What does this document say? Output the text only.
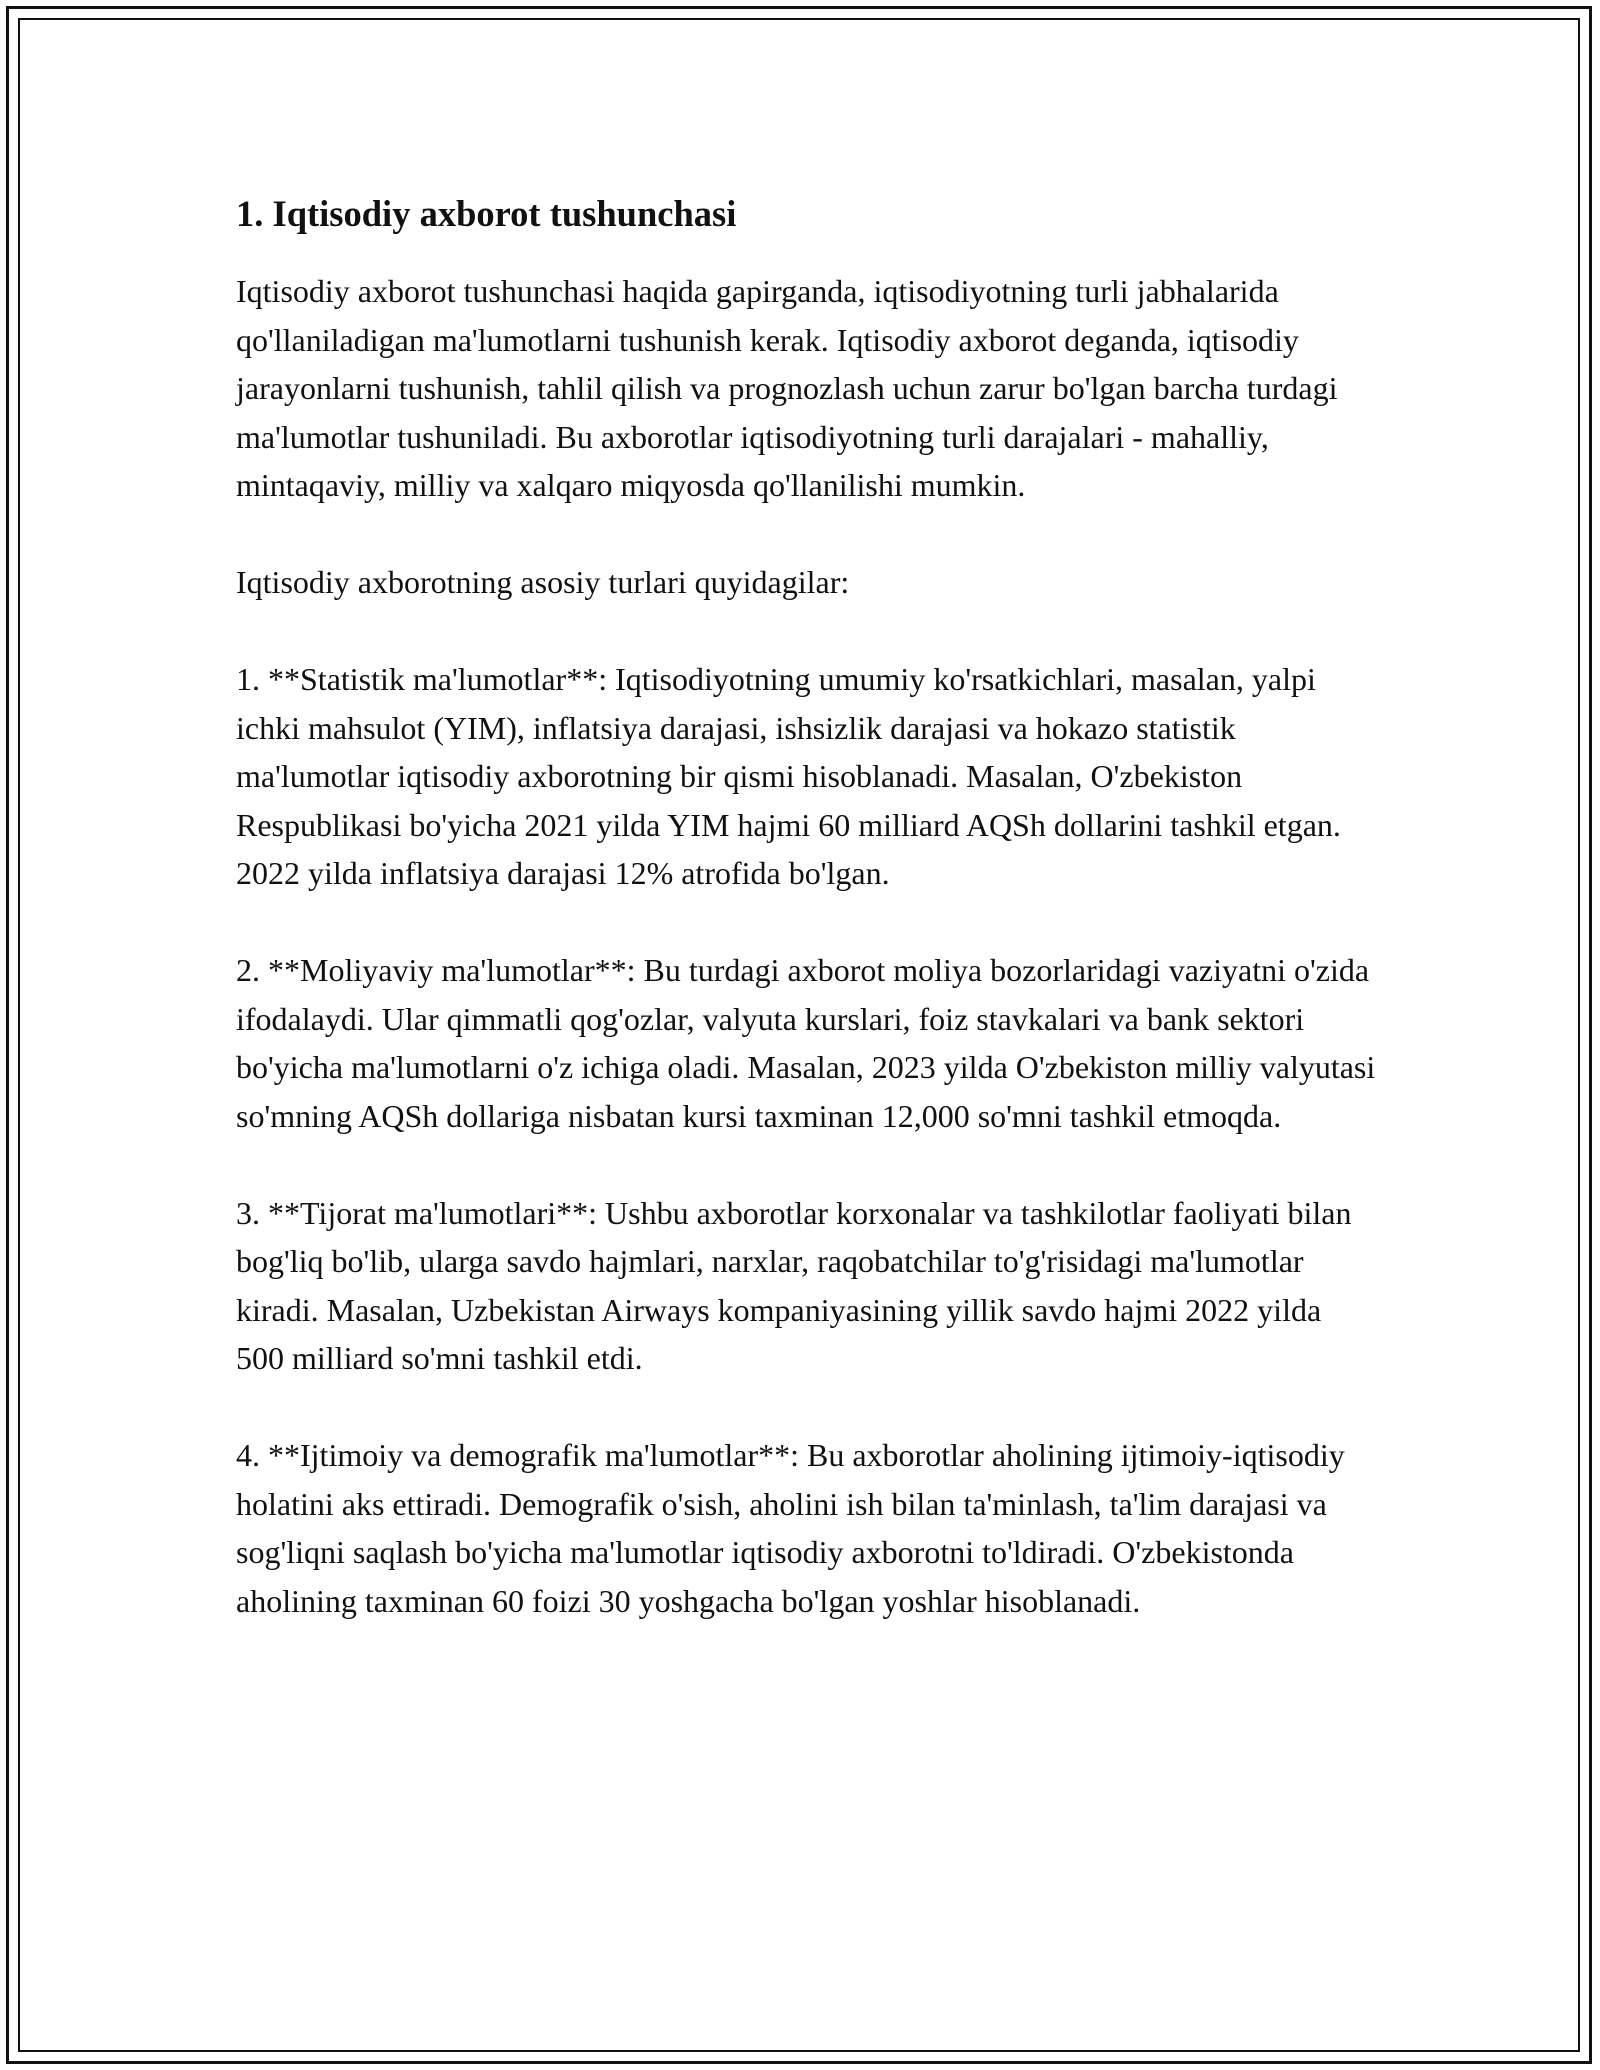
1. Iqtisodiy axborot tushunchasi

Iqtisodiy axborot tushunchasi haqida gapirganda, iqtisodiyotning turli jabhalarida qo'llaniladigan ma'lumotlarni tushunish kerak. Iqtisodiy axborot deganda, iqtisodiy jarayonlarni tushunish, tahlil qilish va prognozlash uchun zarur bo'lgan barcha turdagi ma'lumotlar tushuniladi. Bu axborotlar iqtisodiyotning turli darajalari - mahalliy, mintaqaviy, milliy va xalqaro miqyosda qo'llanilishi mumkin.

Iqtisodiy axborotning asosiy turlari quyidagilar:

1. **Statistik ma'lumotlar**: Iqtisodiyotning umumiy ko'rsatkichlari, masalan, yalpi ichki mahsulot (YIM), inflatsiya darajasi, ishsizlik darajasi va hokazo statistik ma'lumotlar iqtisodiy axborotning bir qismi hisoblanadi. Masalan, O'zbekiston Respublikasi bo'yicha 2021 yilda YIM hajmi 60 milliard AQSh dollarini tashkil etgan. 2022 yilda inflatsiya darajasi 12% atrofida bo'lgan.

2. **Moliyaviy ma'lumotlar**: Bu turdagi axborot moliya bozorlaridagi vaziyatni o'zida ifodalaydi. Ular qimmatli qog'ozlar, valyuta kurslari, foiz stavkalari va bank sektori bo'yicha ma'lumotlarni o'z ichiga oladi. Masalan, 2023 yilda O'zbekiston milliy valyutasi so'mning AQSh dollariga nisbatan kursi taxminan 12,000 so'mni tashkil etmoqda.

3. **Tijorat ma'lumotlari**: Ushbu axborotlar korxonalar va tashkilotlar faoliyati bilan bog'liq bo'lib, ularga savdo hajmlari, narxlar, raqobatchilar to'g'risidagi ma'lumotlar kiradi. Masalan, Uzbekistan Airways kompaniyasining yillik savdo hajmi 2022 yilda 500 milliard so'mni tashkil etdi.

4. **Ijtimoiy va demografik ma'lumotlar**: Bu axborotlar aholining ijtimoiy-iqtisodiy holatini aks ettiradi. Demografik o'sish, aholini ish bilan ta'minlash, ta'lim darajasi va sog'liqni saqlash bo'yicha ma'lumotlar iqtisodiy axborotni to'ldiradi. O'zbekistonda aholining taxminan 60 foizi 30 yoshgacha bo'lgan yoshlar hisoblanadi.
